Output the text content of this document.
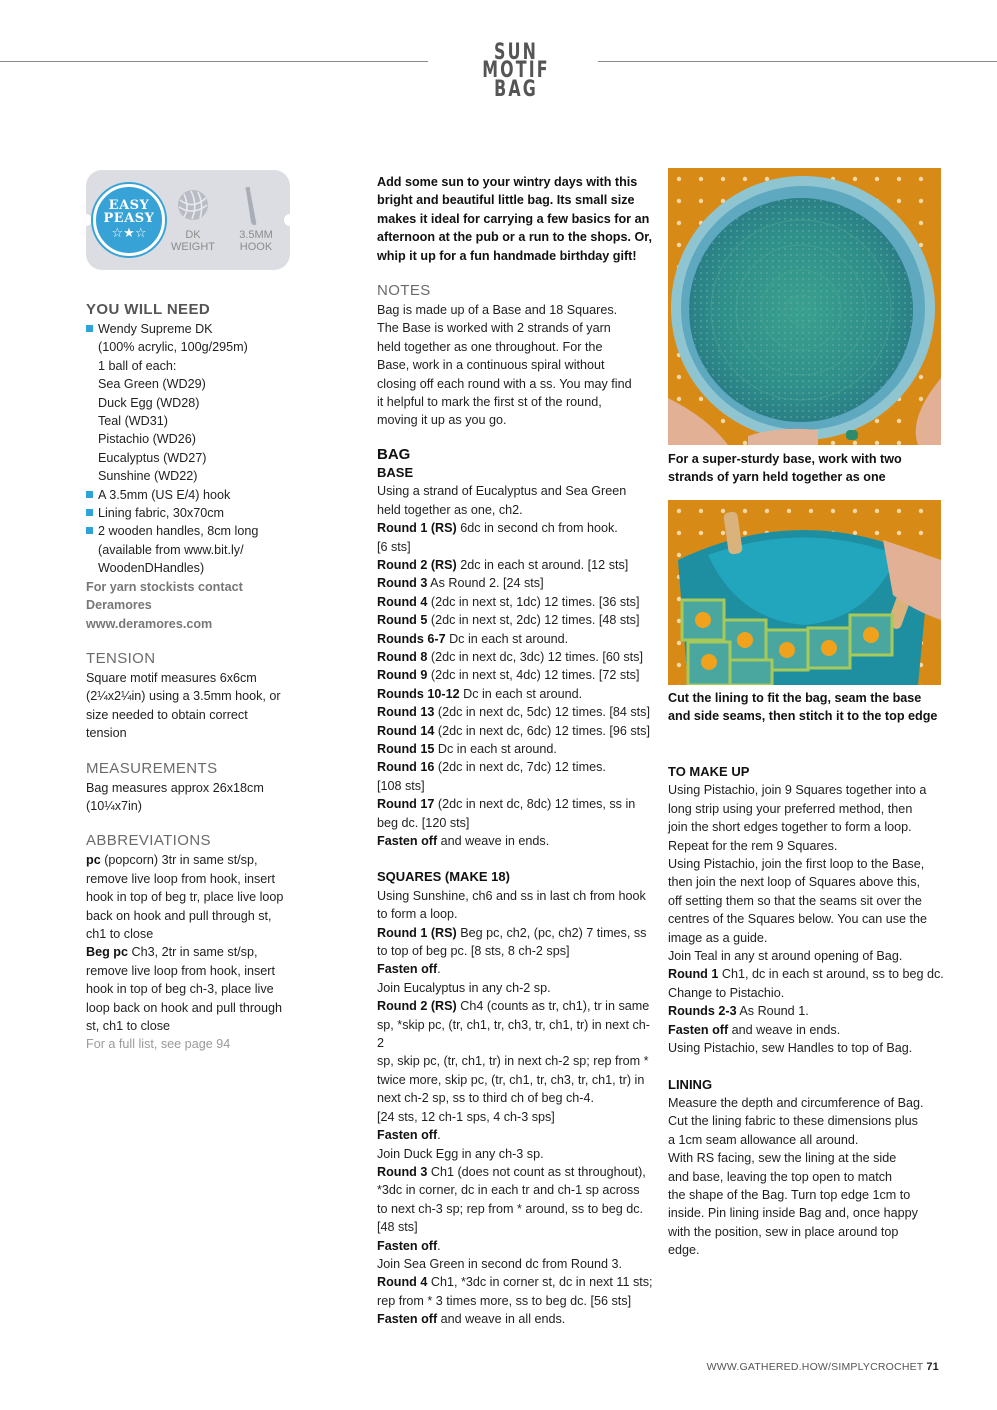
SUN MOTIF BAG
EASY
PEASY
☆★☆	DK
WEIGHT
3.5MM
HOOK
YOU WILL NEED

Wendy Supreme DK

(100% acrylic, 100g/295m)

1 ball of each:

Sea Green (WD29)

Duck Egg (WD28)

Teal (WD31)

Pistachio (WD26)

Eucalyptus (WD27)

Sunshine (WD22)

A 3.5mm (US E/4) hook

Lining fabric, 30x70cm

2 wooden handles, 8cm long

(available from www.bit.ly/

WoodenDHandles)

For yarn stockists contact

Deramores

www.deramores.com

TENSION

Square motif measures 6x6cm

(2¼x2¼in) using a 3.5mm hook, or

size needed to obtain correct

tension

MEASUREMENTS

Bag measures approx 26x18cm

(10¼x7in)

ABBREVIATIONS

pc (popcorn) 3tr in same st/sp,

remove live loop from hook, insert

hook in top of beg tr, place live loop

back on hook and pull through st,

ch1 to close

Beg pc Ch3, 2tr in same st/sp,

remove live loop from hook, insert

hook in top of beg ch-3, place live

loop back on hook and pull through

st, ch1 to close

For a full list, see page 94

Add some sun to your wintry days with this

bright and beautiful little bag. Its small size

makes it ideal for carrying a few basics for an

afternoon at the pub or a run to the shops. Or,

whip it up for a fun handmade birthday gift!

NOTES

Bag is made up of a Base and 18 Squares.

The Base is worked with 2 strands of yarn

held together as one throughout. For the

Base, work in a continuous spiral without

closing off each round with a ss. You may find

it helpful to mark the first st of the round,

moving it up as you go.

BAG
BASE

Using a strand of Eucalyptus and Sea Green

held together as one, ch2.

Round 1 (RS) 6dc in second ch from hook.

[6 sts]

Round 2 (RS) 2dc in each st around. [12 sts]

Round 3 As Round 2. [24 sts]

Round 4 (2dc in next st, 1dc) 12 times. [36 sts]

Round 5 (2dc in next st, 2dc) 12 times. [48 sts]

Rounds 6-7 Dc in each st around.

Round 8 (2dc in next dc, 3dc) 12 times. [60 sts]

Round 9 (2dc in next st, 4dc) 12 times. [72 sts]

Rounds 10-12 Dc in each st around.

Round 13 (2dc in next dc, 5dc) 12 times. [84 sts]

Round 14 (2dc in next dc, 6dc) 12 times. [96 sts]

Round 15 Dc in each st around.

Round 16 (2dc in next dc, 7dc) 12 times.

[108 sts]

Round 17 (2dc in next dc, 8dc) 12 times, ss in

beg dc. [120 sts]

Fasten off and weave in ends.

SQUARES (MAKE 18)

Using Sunshine, ch6 and ss in last ch from hook

to form a loop.

Round 1 (RS) Beg pc, ch2, (pc, ch2) 7 times, ss

to top of beg pc. [8 sts, 8 ch-2 sps]

Fasten off.

Join Eucalyptus in any ch-2 sp.

Round 2 (RS) Ch4 (counts as tr, ch1), tr in same

sp, *skip pc, (tr, ch1, tr, ch3, tr, ch1, tr) in next ch-2

sp, skip pc, (tr, ch1, tr) in next ch-2 sp; rep from *

twice more, skip pc, (tr, ch1, tr, ch3, tr, ch1, tr) in

next ch-2 sp, ss to third ch of beg ch-4.

[24 sts, 12 ch-1 sps, 4 ch-3 sps]

Fasten off.

Join Duck Egg in any ch-3 sp.

Round 3 Ch1 (does not count as st throughout),

*3dc in corner, dc in each tr and ch-1 sp across

to next ch-3 sp; rep from * around, ss to beg dc.

[48 sts]

Fasten off.

Join Sea Green in second dc from Round 3.

Round 4 Ch1, *3dc in corner st, dc in next 11 sts;

rep from * 3 times more, ss to beg dc. [56 sts]

Fasten off and weave in all ends.

For a super-sturdy base, work with two
strands of yarn held together as one
Cut the lining to fit the bag, seam the base
and side seams, then stitch it to the top edge
TO MAKE UP

Using Pistachio, join 9 Squares together into a

long strip using your preferred method, then

join the short edges together to form a loop.

Repeat for the rem 9 Squares.

Using Pistachio, join the first loop to the Base,

then join the next loop of Squares above this,

off setting them so that the seams sit over the

centres of the Squares below. You can use the

image as a guide.

Join Teal in any st around opening of Bag.

Round 1 Ch1, dc in each st around, ss to beg dc.

Change to Pistachio.

Rounds 2-3 As Round 1.

Fasten off and weave in ends.

Using Pistachio, sew Handles to top of Bag.

LINING

Measure the depth and circumference of Bag.

Cut the lining fabric to these dimensions plus

a 1cm seam allowance all around.

With RS facing, sew the lining at the side

and base, leaving the top open to match

the shape of the Bag. Turn top edge 1cm to

inside. Pin lining inside Bag and, once happy

with the position, sew in place around top

edge.

WWW.GATHERED.HOW/SIMPLYCROCHET 71
